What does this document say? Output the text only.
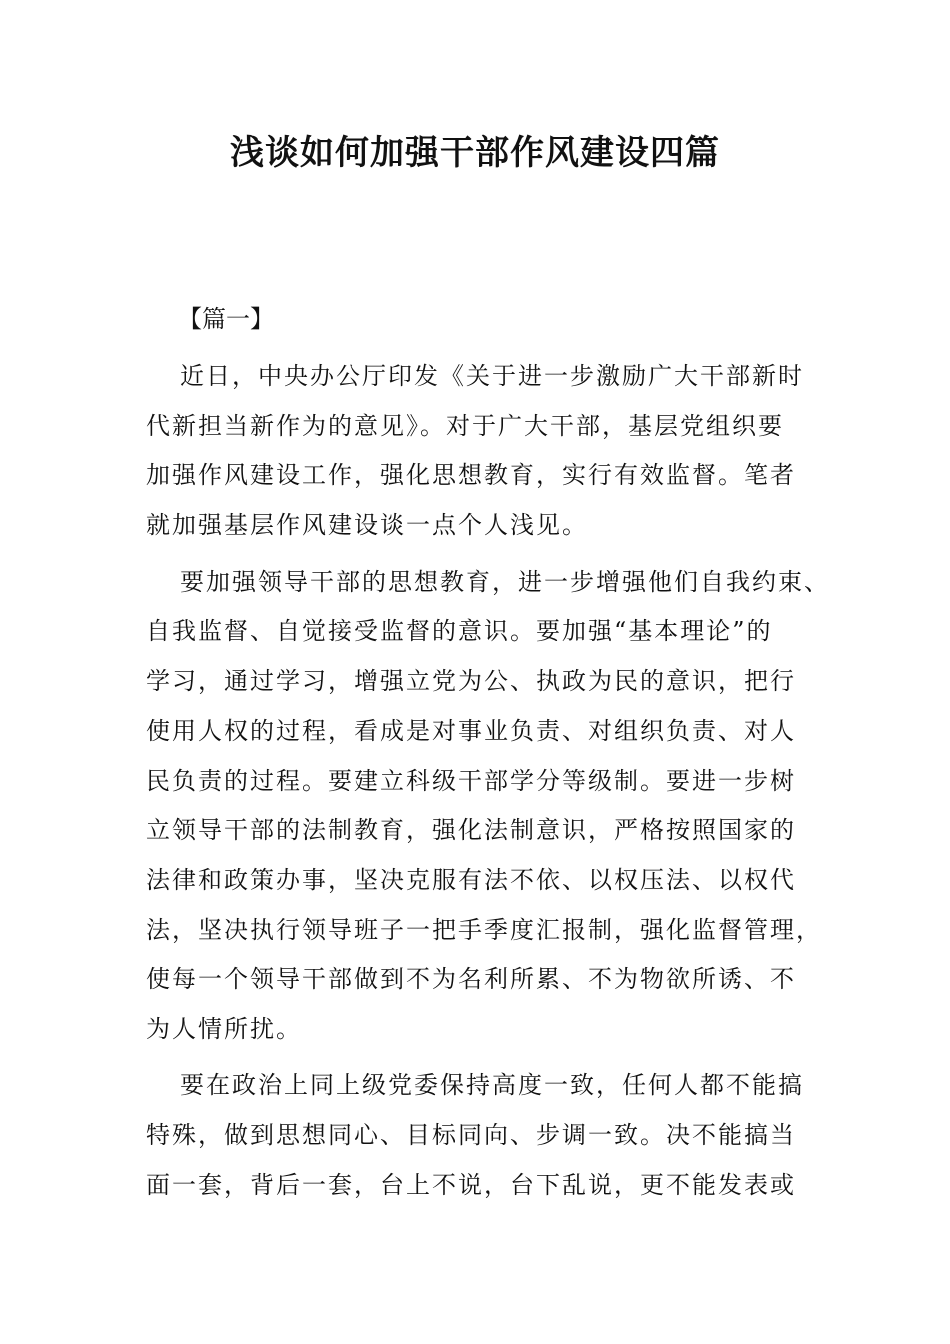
浅谈如何加强干部作风建设四篇

【篇一】

近日，中央办公厅印发《关于进一步激励广大干部新时

代新担当新作为的意见》。对于广大干部，基层党组织要

加强作风建设工作，强化思想教育，实行有效监督。笔者

就加强基层作风建设谈一点个人浅见。

要加强领导干部的思想教育，进一步增强他们自我约束、

自我监督、自觉接受监督的意识。要加强“基本理论”的

学习，通过学习，增强立党为公、执政为民的意识，把行

使用人权的过程，看成是对事业负责、对组织负责、对人

民负责的过程。要建立科级干部学分等级制。要进一步树

立领导干部的法制教育，强化法制意识，严格按照国家的

法律和政策办事，坚决克服有法不依、以权压法、以权代

法，坚决执行领导班子一把手季度汇报制，强化监督管理，

使每一个领导干部做到不为名利所累、不为物欲所诱、不

为人情所扰。

要在政治上同上级党委保持高度一致，任何人都不能搞

特殊，做到思想同心、目标同向、步调一致。决不能搞当

面一套，背后一套，台上不说，台下乱说，更不能发表或
